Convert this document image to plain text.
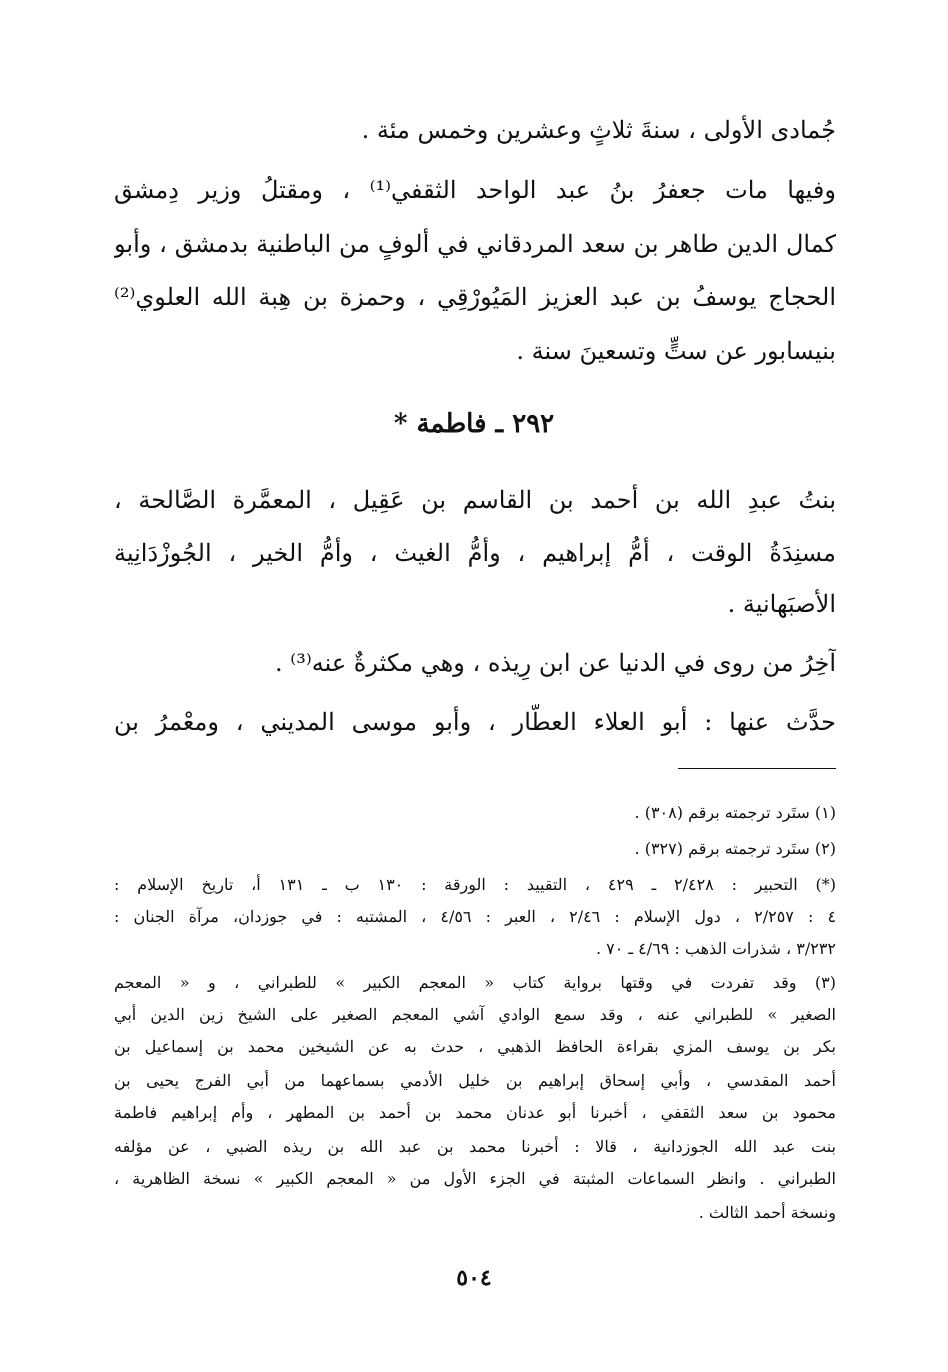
جُمادى الأولى ، سنةَ ثلاثٍ وعشرين وخمس مئة .
وفيها مات جعفرُ بنُ عبد الواحد الثقفي⁽¹⁾ ، ومقتلُ وزير دِمشق
كمال الدين طاهر بن سعد المردقاني في ألوفٍ من الباطنية بدمشق ، وأبو
الحجاج يوسفُ بن عبد العزيز المَيُورْقِي ، وحمزة بن هِبة الله العلوي⁽²⁾
بنيسابور عن ستٍّ وتسعينَ سنة .
٢٩٢ ـ فاطمة *
بنتُ عبدِ الله بن أحمد بن القاسم بن عَقِيل ، المعمَّرة الصَّالحة ،
مسنِدَةُ الوقت ، أمُّ إبراهيم ، وأمُّ الغيث ، وأمُّ الخير ، الجُوزْدَانِية
الأصبَهانية .
آخِرُ من روى في الدنيا عن ابن رِيذه ، وهي مكثرةٌ عنه⁽³⁾ .
حدَّث عنها : أبو العلاء العطَّار ، وأبو موسى المديني ، ومعْمرُ بن
(١) ستَرد ترجمته برقم (٣٠٨) .
(٢) ستَرد ترجمته برقم (٣٢٧) .
(*) التحبير : ٢/٤٢٨ ـ ٤٢٩ ، التقييد : الورقة : ١٣٠ ب ـ ١٣١ أ، تاريخ الإسلام :
٤ : ٢/٢٥٧ ، دول الإسلام : ٢/٤٦ ، العبر : ٤/٥٦ ، المشتبه : في جوزدان، مرآة الجنان :
٣/٢٣٢ ، شذرات الذهب : ٤/٦٩ ـ ٧٠ .
(٣) وقد تفردت في وقتها برواية كتاب « المعجم الكبير » للطبراني ، و « المعجم
الصغير » للطبراني عنه ، وقد سمع الوادي آشي المعجم الصغير على الشيخ زين الدين أبي
بكر بن يوسف المزي بقراءة الحافظ الذهبي ، حدث به عن الشيخين محمد بن إسماعيل بن
أحمد المقدسي ، وأبي إسحاق إبراهيم بن خليل الأدمي بسماعهما من أبي الفرج يحيى بن
محمود بن سعد الثقفي ، أخبرنا أبو عدنان محمد بن أحمد بن المطهر ، وأم إبراهيم فاطمة
بنت عبد الله الجوزدانية ، قالا : أخبرنا محمد بن عبد الله بن ريذه الضبي ، عن مؤلفه
الطبراني . وانظر السماعات المثبتة في الجزء الأول من « المعجم الكبير » نسخة الظاهرية ،
ونسخة أحمد الثالث .
٥٠٤
